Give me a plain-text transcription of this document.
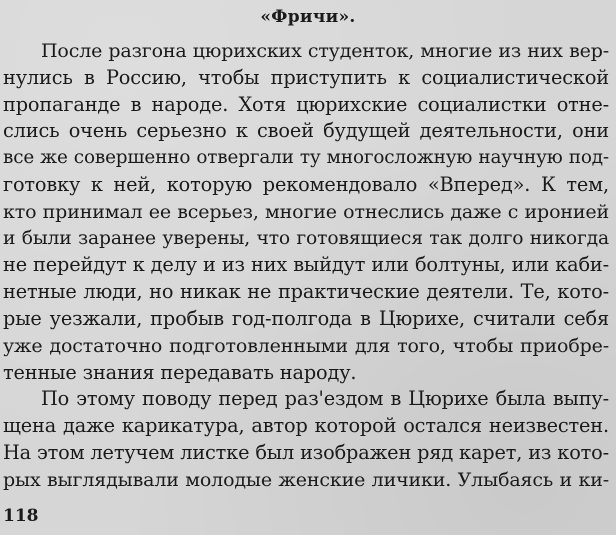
«Фричи».
После разгона цюрихских студенток, многие из них вер-
нулись в Россию, чтобы приступить к социалистической
пропаганде в народе. Хотя цюрихские социалистки отне-
слись очень серьезно к своей будущей деятельности, они
все же совершенно отвергали ту многосложную научную под-
готовку к ней, которую рекомендовало «Вперед». К тем,
кто принимал ее всерьез, многие отнеслись даже с иронией
и были заранее уверены, что готовящиеся так долго никогда
не перейдут к делу и из них выйдут или болтуны, или каби-
нетные люди, но никак не практические деятели. Те, кото-
рые уезжали, пробыв год-полгода в Цюрихе, считали себя
уже достаточно подготовленными для того, чтобы приобре-
тенные знания передавать народу.
По этому поводу перед раз'ездом в Цюрихе была выпу-
щена даже карикатура, автор которой остался неизвестен.
На этом летучем листке был изображен ряд карет, из кото-
рых выглядывали молодые женские личики. Улыбаясь и ки-
118
